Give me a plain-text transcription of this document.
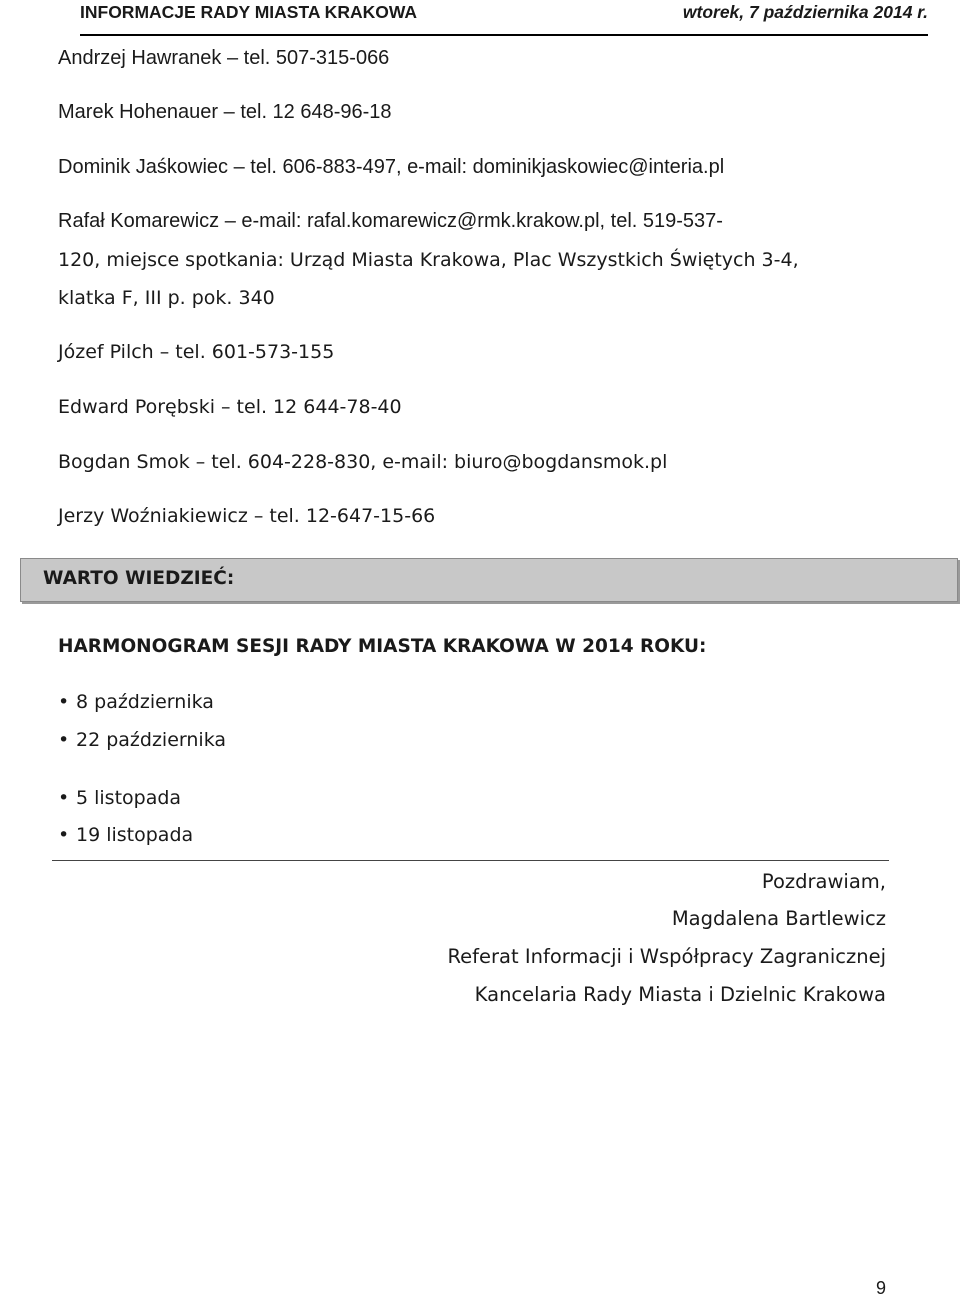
INFORMACJE RADY MIASTA KRAKOWA	wtorek, 7 października 2014 r.
Andrzej Hawranek – tel. 507-315-066
Marek Hohenauer – tel. 12 648-96-18
Dominik Jaśkowiec – tel. 606-883-497, e-mail: dominikjaskowiec@interia.pl
Rafał Komarewicz – e-mail: rafal.komarewicz@rmk.krakow.pl, tel. 519-537-
120, miejsce spotkania: Urząd Miasta Krakowa, Plac Wszystkich Świętych 3-4,
klatka F, III p. pok. 340
Józef Pilch – tel. 601-573-155
Edward Porębski – tel. 12 644-78-40
Bogdan Smok – tel. 604-228-830, e-mail: biuro@bogdansmok.pl
Jerzy Woźniakiewicz – tel. 12-647-15-66
WARTO WIEDZIEĆ:
HARMONOGRAM SESJI RADY MIASTA KRAKOWA W 2014 ROKU:
• 8 października
• 22 października
• 5 listopada
• 19 listopada
Pozdrawiam,
Magdalena Bartlewicz
Referat Informacji i Współpracy Zagranicznej
Kancelaria Rady Miasta i Dzielnic Krakowa
9
